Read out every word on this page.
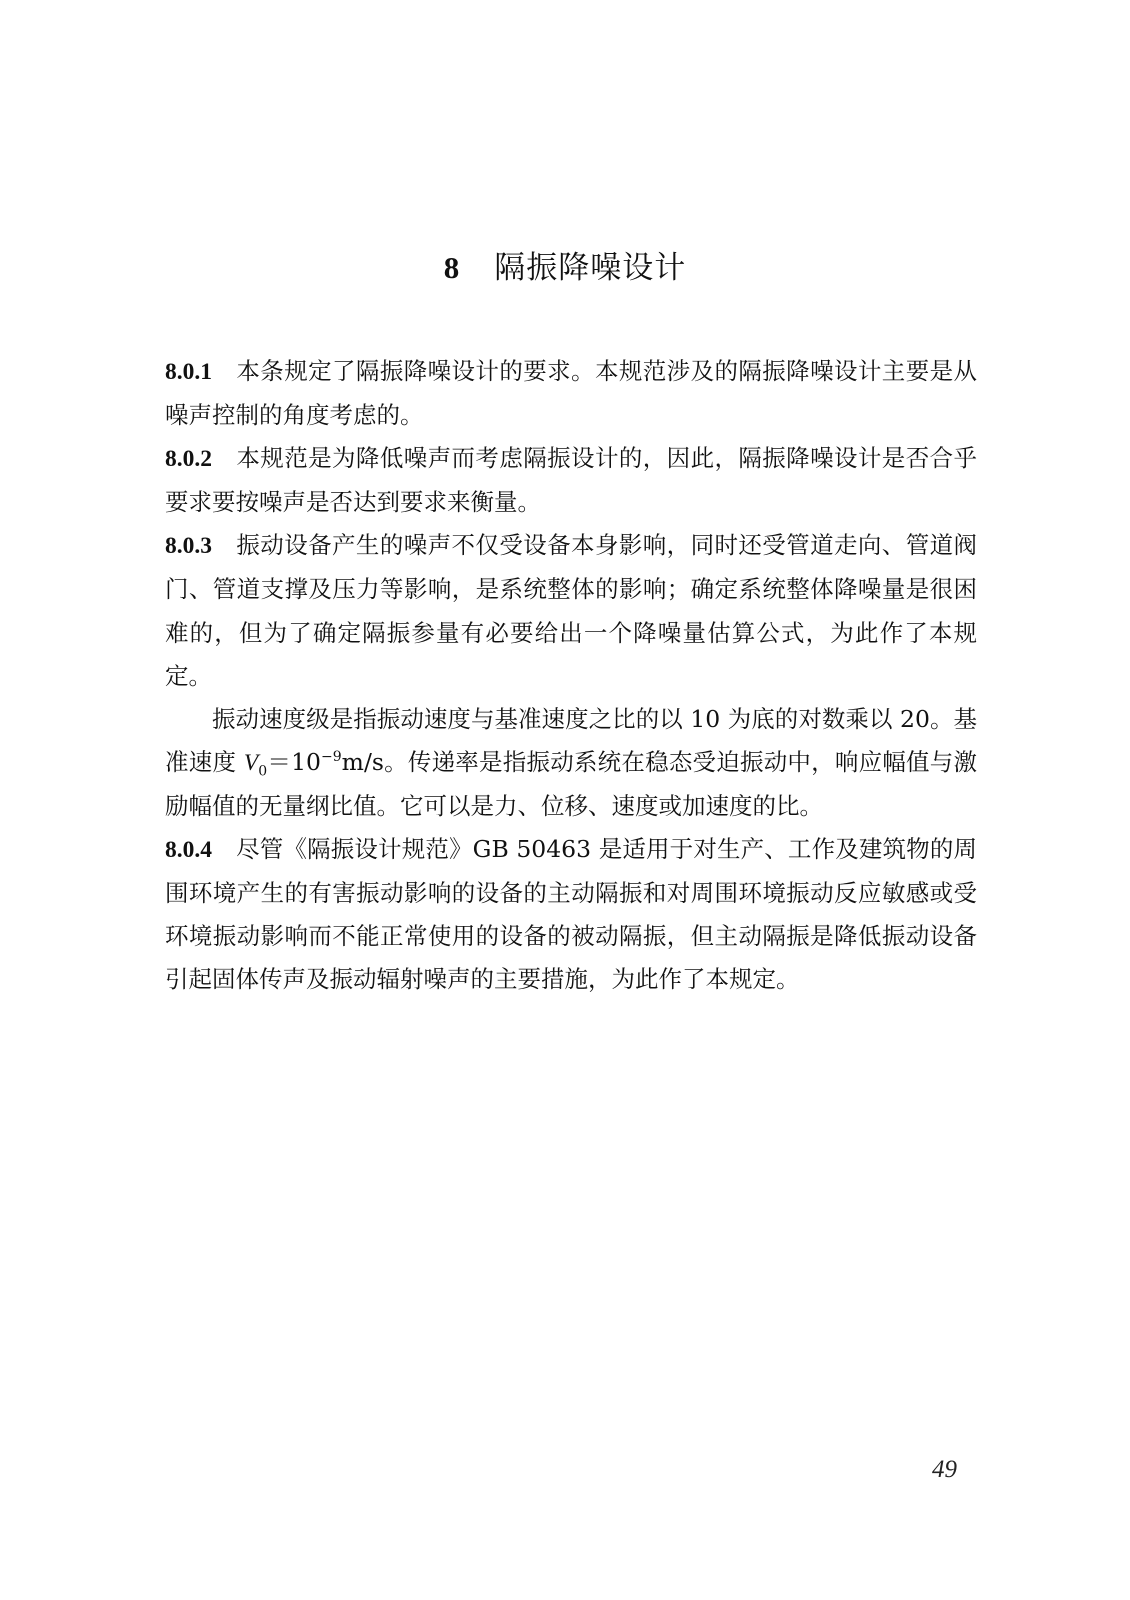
8 隔振降噪设计

8.0.1 本条规定了隔振降噪设计的要求。本规范涉及的隔振降噪设计主要是从噪声控制的角度考虑的。

8.0.2 本规范是为降低噪声而考虑隔振设计的，因此，隔振降噪设计是否合乎要求要按噪声是否达到要求来衡量。

8.0.3 振动设备产生的噪声不仅受设备本身影响，同时还受管道走向、管道阀门、管道支撑及压力等影响，是系统整体的影响；确定系统整体降噪量是很困难的，但为了确定隔振参量有必要给出一个降噪量估算公式，为此作了本规定。

振动速度级是指振动速度与基准速度之比的以 10 为底的对数乘以 20。基准速度 $V_0=10^{-9}m/s$。传递率是指振动系统在稳态受迫振动中，响应幅值与激励幅值的无量纲比值。它可以是力、位移、速度或加速度的比。

8.0.4 尽管《隔振设计规范》GB 50463 是适用于对生产、工作及建筑物的周围环境产生的有害振动影响的设备的主动隔振和对周围环境振动反应敏感或受环境振动影响而不能正常使用的设备的被动隔振，但主动隔振是降低振动设备引起固体传声及振动辐射噪声的主要措施，为此作了本规定。

49
